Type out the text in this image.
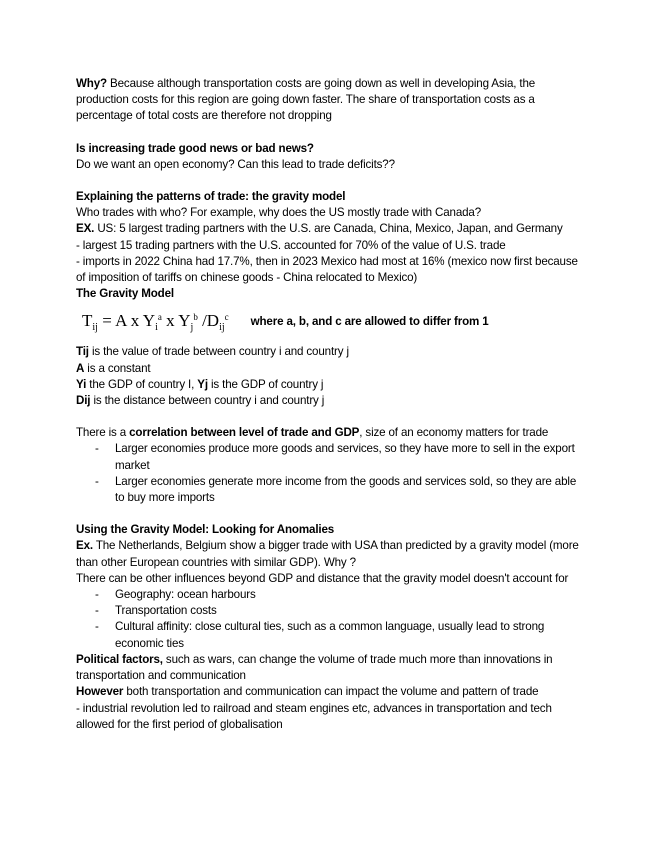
Why? Because although transportation costs are going down as well in developing Asia, the production costs for this region are going down faster. The share of transportation costs as a percentage of total costs are therefore not dropping

Is increasing trade good news or bad news?

Do we want an open economy? Can this lead to trade deficits??

Explaining the patterns of trade: the gravity model

Who trades with who? For example, why does the US mostly trade with Canada?

EX. US: 5 largest trading partners with the U.S. are Canada, China, Mexico, Japan, and Germany

- largest 15 trading partners with the U.S. accounted for 70% of the value of U.S. trade

- imports in 2022 China had 17.7%, then in 2023 Mexico had most at 16% (mexico now first because of imposition of tariffs on chinese goods - China relocated to Mexico)

The Gravity Model

$T_{ij} = A$ x $Y_i^a$ x $Y_j^b$ $/D_{ij}^c$ where a, b, and c are allowed to differ from 1

Tij is the value of trade between country i and country j

A is a constant

Yi the GDP of country I, Yj is the GDP of country j

Dij is the distance between country i and country j

There is a correlation between level of trade and GDP, size of an economy matters for trade

- Larger economies produce more goods and services, so they have more to sell in the export market
- Larger economies generate more income from the goods and services sold, so they are able to buy more imports

Using the Gravity Model: Looking for Anomalies

Ex. The Netherlands, Belgium show a bigger trade with USA than predicted by a gravity model (more than other European countries with similar GDP). Why ?

There can be other influences beyond GDP and distance that the gravity model doesn't account for

- Geography: ocean harbours
- Transportation costs
- Cultural affinity: close cultural ties, such as a common language, usually lead to strong economic ties

Political factors, such as wars, can change the volume of trade much more than innovations in transportation and communication

However both transportation and communication can impact the volume and pattern of trade

- industrial revolution led to railroad and steam engines etc, advances in transportation and tech allowed for the first period of globalisation
